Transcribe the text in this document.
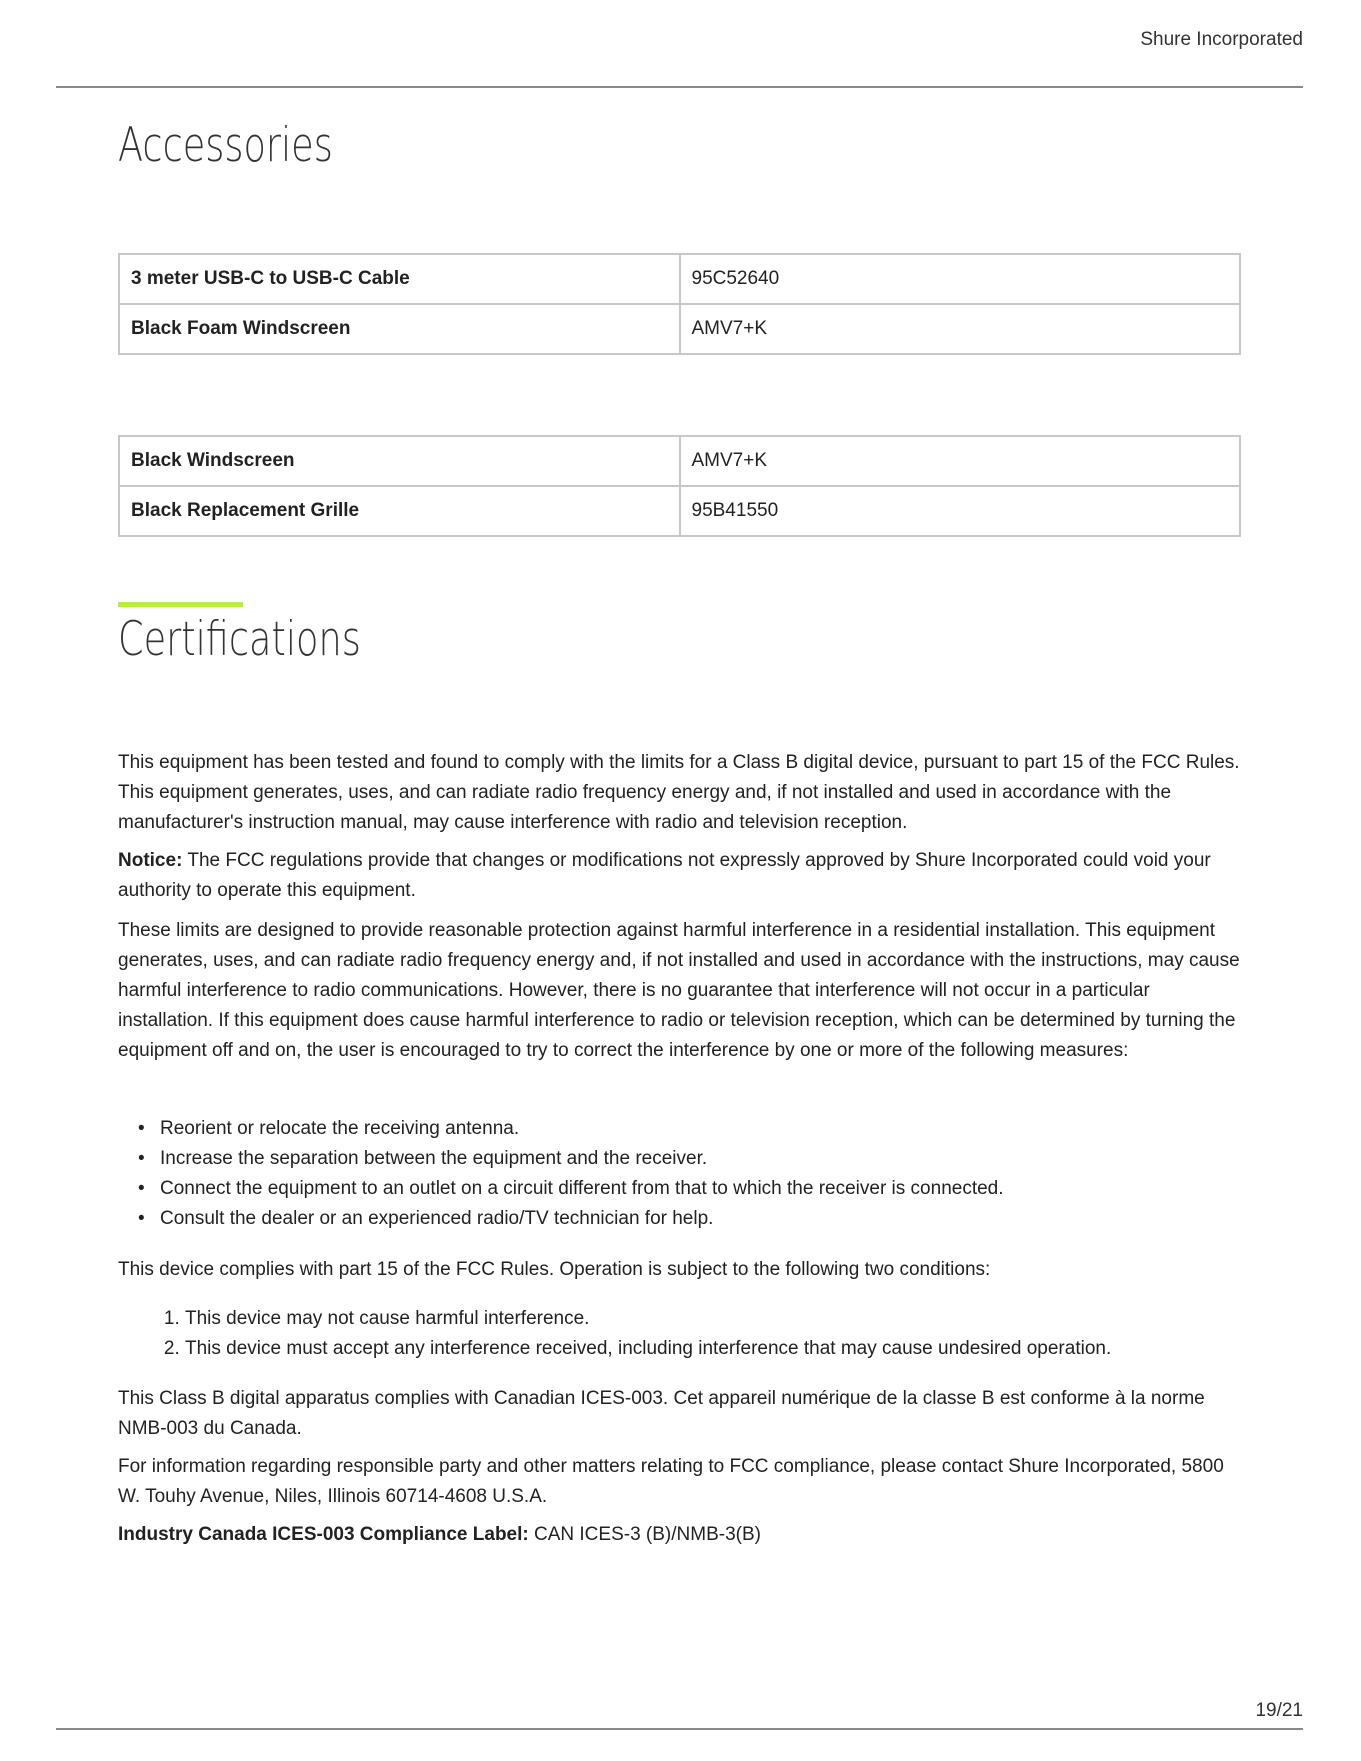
Shure Incorporated
Accessories
3 meter USB-C to USB-C Cable	95C52640
Black Foam Windscreen	AMV7+K
Black Windscreen	AMV7+K
Black Replacement Grille	95B41550
Certifications

This equipment has been tested and found to comply with the limits for a Class B digital device, pursuant to part 15 of the FCC Rules. This equipment generates, uses, and can radiate radio frequency energy and, if not installed and used in accordance with the manufacturer's instruction manual, may cause interference with radio and television reception.

Notice: The FCC regulations provide that changes or modifications not expressly approved by Shure Incorporated could void your authority to operate this equipment.

These limits are designed to provide reasonable protection against harmful interference in a residential installation. This equipment generates, uses, and can radiate radio frequency energy and, if not installed and used in accordance with the instructions, may cause harmful interference to radio communications. However, there is no guarantee that interference will not occur in a particular installation. If this equipment does cause harmful interference to radio or television reception, which can be determined by turning the equipment off and on, the user is encouraged to try to correct the interference by one or more of the following measures:

• Reorient or relocate the receiving antenna.
• Increase the separation between the equipment and the receiver.
• Connect the equipment to an outlet on a circuit different from that to which the receiver is connected.
• Consult the dealer or an experienced radio/TV technician for help.

This device complies with part 15 of the FCC Rules. Operation is subject to the following two conditions:

1. This device may not cause harmful interference.
2. This device must accept any interference received, including interference that may cause undesired operation.

This Class B digital apparatus complies with Canadian ICES-003. Cet appareil numérique de la classe B est conforme à la norme NMB-003 du Canada.

For information regarding responsible party and other matters relating to FCC compliance, please contact Shure Incorporated, 5800 W. Touhy Avenue, Niles, Illinois 60714-4608 U.S.A.

Industry Canada ICES-003 Compliance Label: CAN ICES-3 (B)/NMB-3(B)

19/21
